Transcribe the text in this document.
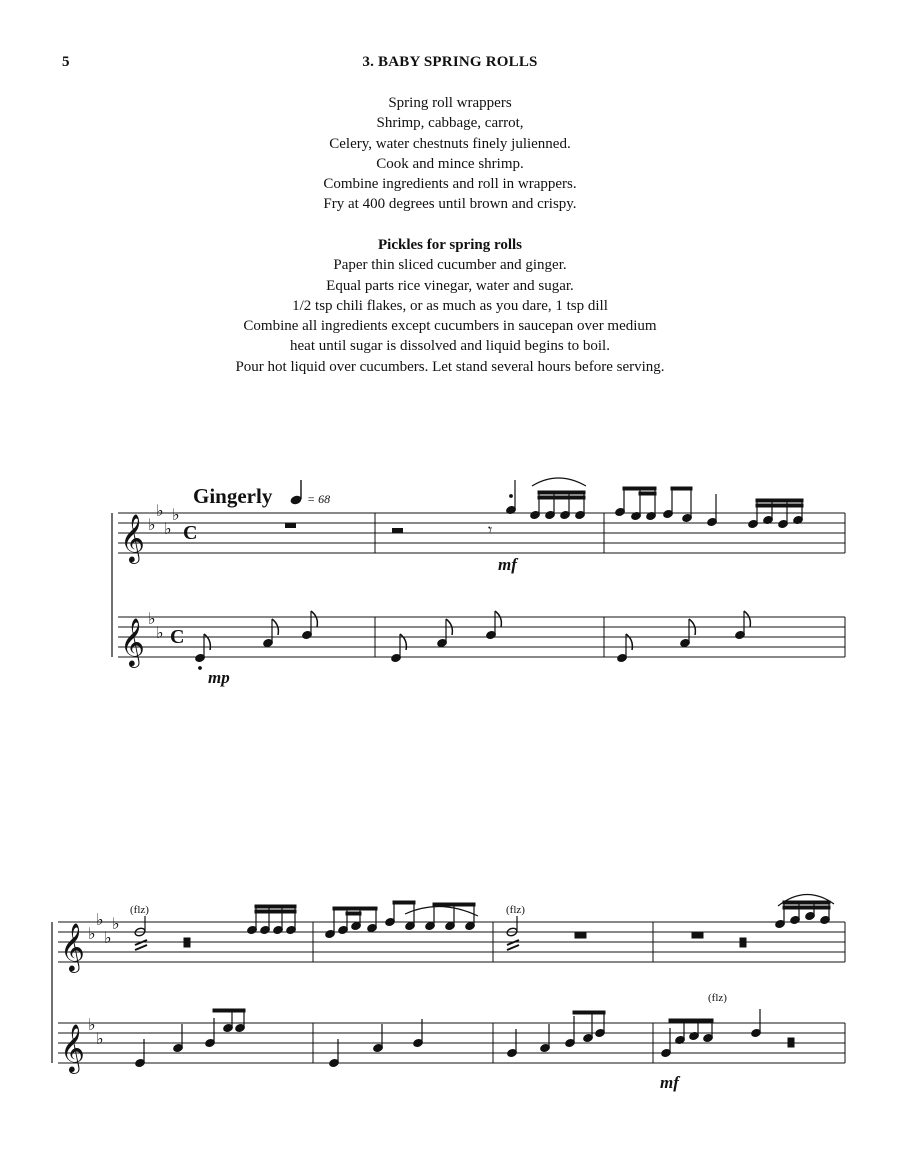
5	3. BABY SPRING ROLLS
Spring roll wrappers
Shrimp, cabbage, carrot,
Celery, water chestnuts finely julienned.
Cook and mince shrimp.
Combine ingredients and roll in wrappers.
Fry at 400 degrees until brown and crispy.
Pickles for spring rolls
Paper thin sliced cucumber and ginger.
Equal parts rice vinegar, water and sugar.
1/2 tsp chili flakes, or as much as you dare, 1 tsp dill
Combine all ingredients except cucumbers in saucepan over medium
heat until sugar is dissolved and liquid begins to boil.
Pour hot liquid over cucumbers. Let stand several hours before serving.
Gingerly	= 68
𝄞
𝄞
♭
♭
♭
♭
♭
♭
C
C
𝄾
mf
mp
𝄞
𝄞
♭
♭
♭
♭
♭
♭
(flz)	(flz)
(flz)
mf
